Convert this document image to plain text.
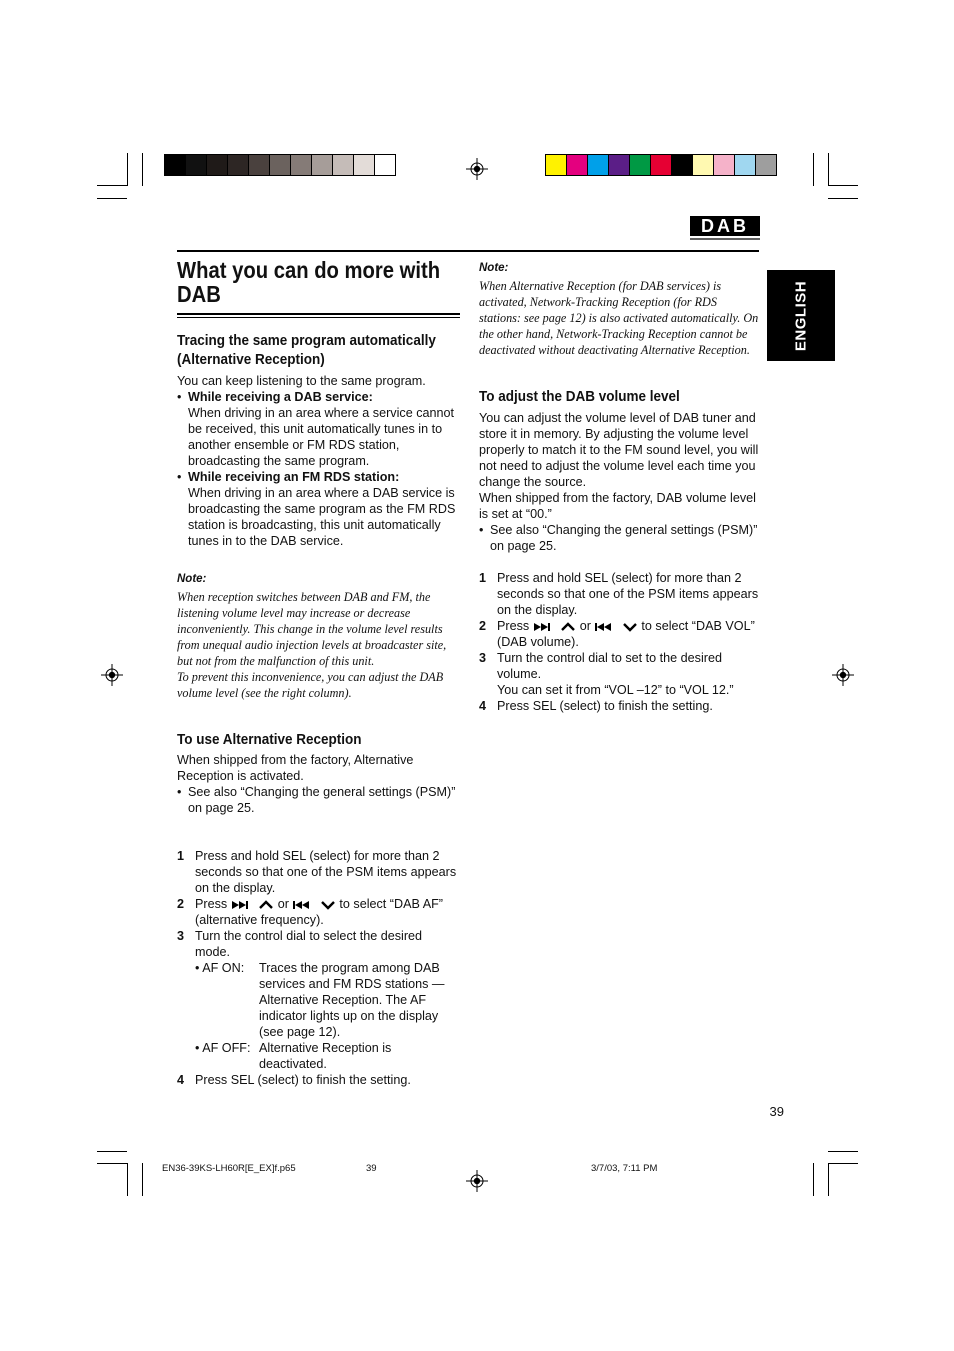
DAB
ENGLISH
What you can do more with DAB
Tracing the same program automatically (Alternative Reception)

You can keep listening to the same program.

• While receiving a DAB service:
When driving in an area where a service cannot be received, this unit automatically tunes in to another ensemble or FM RDS station, broadcasting the same program.
• While receiving an FM RDS station:
When driving in an area where a DAB service is broadcasting the same program as the FM RDS station is broadcasting, this unit automatically tunes in to the DAB service.
Note:
When reception switches between DAB and FM, the listening volume level may increase or decrease inconveniently. This change in the volume level results from unequal audio injection levels at broadcaster site, but not from the malfunction of this unit.
To prevent this inconvenience, you can adjust the DAB volume level (see the right column).
To use Alternative Reception

When shipped from the factory, Alternative Reception is activated.

• See also “Changing the general settings (PSM)” on page 25.
1 Press and hold SEL (select) for more than 2 seconds so that one of the PSM items appears on the display.
2 Press	or	to select “DAB AF” (alternative frequency).
3 Turn the control dial to select the desired mode.
• AF ON:	Traces the program among DAB services and FM RDS stations —Alternative Reception. The AF indicator lights up on the display (see page 12).
• AF OFF: Alternative Reception is deactivated.
4 Press SEL (select) to finish the setting.
Note:
When Alternative Reception (for DAB services) is activated, Network-Tracking Reception (for RDS stations: see page 12) is also activated automatically. On the other hand, Network-Tracking Reception cannot be deactivated without deactivating Alternative Reception.
To adjust the DAB volume level

You can adjust the volume level of DAB tuner and store it in memory. By adjusting the volume level properly to match it to the FM sound level, you will not need to adjust the volume level each time you change the source.

When shipped from the factory, DAB volume level is set at “00.”

• See also “Changing the general settings (PSM)” on page 25.
1 Press and hold SEL (select) for more than 2 seconds so that one of the PSM items appears on the display.
2 Press	or	to select “DAB VOL” (DAB volume).
3 Turn the control dial to set to the desired volume.
You can set it from “VOL –12” to “VOL 12.”
4 Press SEL (select) to finish the setting.
39
EN36-39KS-LH60R[E_EX]f.p65	39	3/7/03, 7:11 PM
